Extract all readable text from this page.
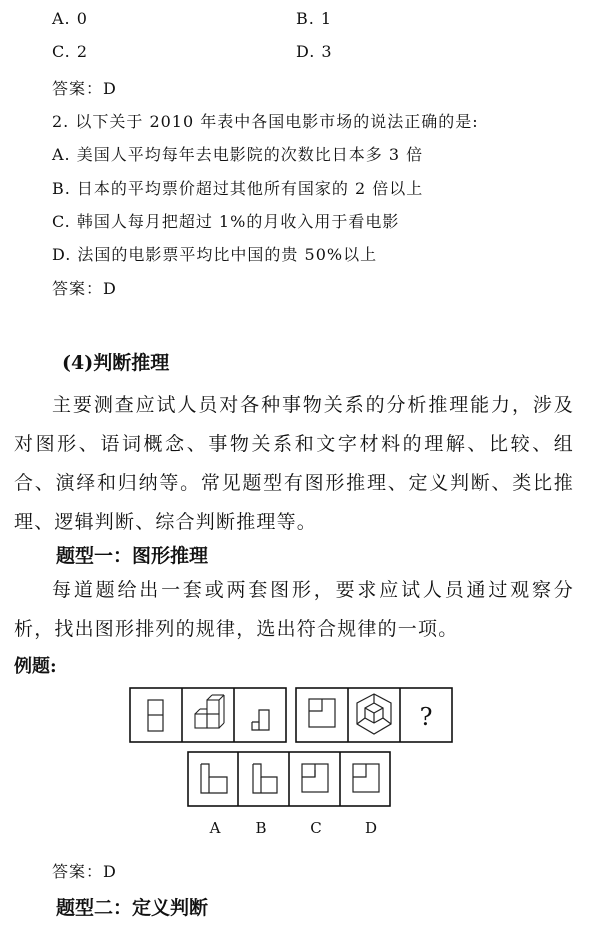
A. 0	B. 1
C. 2	D. 3
答案：D
2. 以下关于 2010 年表中各国电影市场的说法正确的是:
A. 美国人平均每年去电影院的次数比日本多 3 倍
B. 日本的平均票价超过其他所有国家的 2 倍以上
C. 韩国人每月把超过 1%的月收入用于看电影
D. 法国的电影票平均比中国的贵 50%以上
答案：D
(4)判断推理

主要测查应试人员对各种事物关系的分析推理能力，涉及对图形、语词概念、事物关系和文字材料的理解、比较、组合、演绎和归纳等。常见题型有图形推理、定义判断、类比推理、逻辑判断、综合判断推理等。

题型一：图形推理

每道题给出一套或两套图形，要求应试人员通过观察分析，找出图形排列的规律，选出符合规律的一项。

例题:
?
A B	C	D
答案：D
题型二：定义判断
